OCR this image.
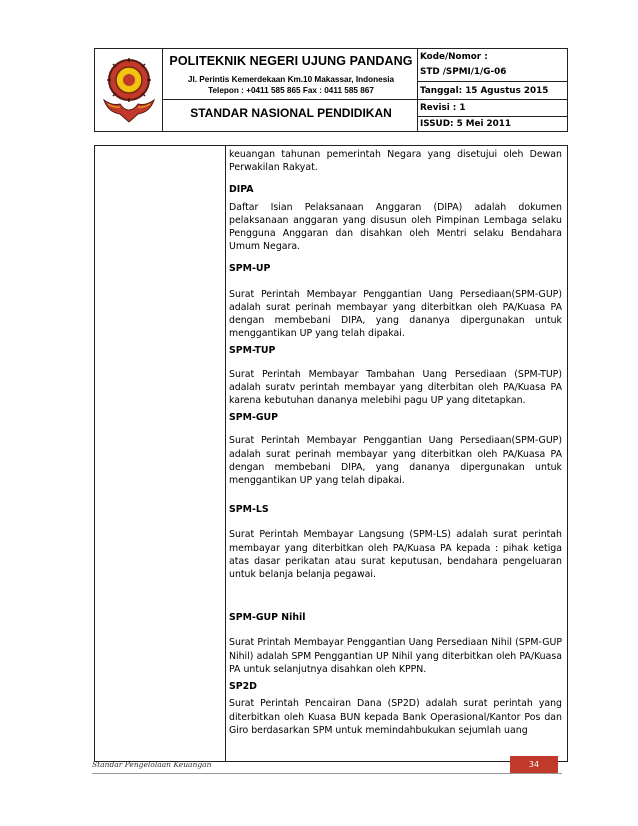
POLITEKNIK NEGERI UJUNG PANDANG
Jl. Perintis Kemerdekaan Km.10 Makassar, Indonesia
Telepon : +0411 585 865 Fax : 0411 585 867
STANDAR NASIONAL PENDIDIKAN
Kode/Nomor :
STD /SPMI/1/G-06
Tanggal: 15 Agustus 2015
Revisi : 1
ISSUD: 5 Mei 2011

keuangan tahunan pemerintah Negara yang disetujui oleh Dewan Perwakilan Rakyat.

DIPA

Daftar Isian Pelaksanaan Anggaran (DIPA) adalah dokumen pelaksanaan anggaran yang disusun oleh Pimpinan Lembaga selaku Pengguna Anggaran dan disahkan oleh Mentri selaku Bendahara Umum Negara.

SPM-UP

Surat Perintah Membayar Penggantian Uang Persediaan(SPM-GUP) adalah surat perinah membayar yang diterbitkan oleh PA/Kuasa PA dengan membebani DIPA, yang dananya dipergunakan untuk menggantikan UP yang telah dipakai.

SPM-TUP

Surat Perintah Membayar Tambahan Uang Persediaan (SPM-TUP) adalah suratv perintah membayar yang diterbitan oleh PA/Kuasa PA karena kebutuhan dananya melebihi pagu UP yang ditetapkan.

SPM-GUP

Surat Perintah Membayar Penggantian Uang Persediaan(SPM-GUP) adalah surat perinah membayar yang diterbitkan oleh PA/Kuasa PA dengan membebani DIPA, yang dananya dipergunakan untuk menggantikan UP yang telah dipakai.

SPM-LS

Surat Perintah Membayar Langsung (SPM-LS) adalah surat perintah membayar yang diterbitkan oleh PA/Kuasa PA kepada : pihak ketiga atas dasar perikatan atau surat keputusan, bendahara pengeluaran untuk belanja belanja pegawai.

SPM-GUP Nihil

Surat Printah Membayar Penggantian Uang Persediaan Nihil (SPM-GUP Nihil) adalah SPM Penggantian UP Nihil yang diterbitkan oleh PA/Kuasa PA untuk selanjutnya disahkan oleh KPPN.

SP2D

Surat Perintah Pencairan Dana (SP2D) adalah surat perintah yang diterbitkan oleh Kuasa BUN kepada Bank Operasional/Kantor Pos dan Giro berdasarkan SPM untuk memindahbukukan sejumlah uang

Standar Pengelolaan Keuangan	34
